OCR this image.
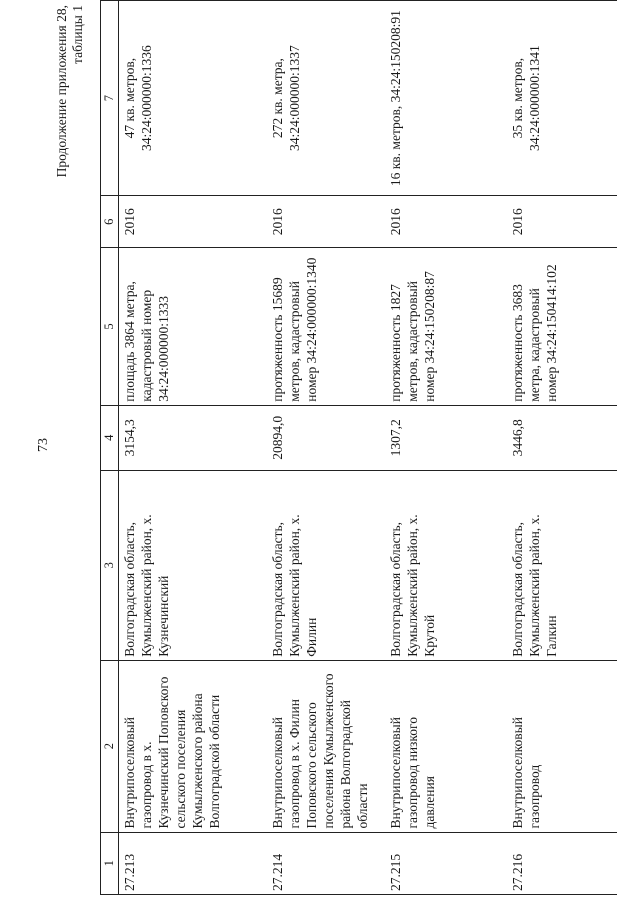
73
Продолжение приложения 28, таблицы 1
1	2	3	4	5	6	7
27.213	Внутрипоселковый газопровод в х. Кузнечинский Поповского сельского поселения Кумылженского района Волгоградской области	Волгоградская область, Кумылженский район, х. Кузнечинский	3154,3	площадь 3864 метра, кадастровый номер 34:24:000000:1333	2016	47 кв. метров, 34:24:000000:1336
27.214	Внутрипоселковый газопровод в х. Филин Поповского сельского поселения Кумылженского района Волгоградской области	Волгоградская область, Кумылженский район, х. Филин	20894,0	протяженность 15689 метров, кадастровый номер 34:24:000000:1340	2016	272 кв. метра, 34:24:000000:1337
27.215	Внутрипоселковый газопровод низкого давления	Волгоградская область, Кумылженский район, х. Крутой	1307,2	протяженность 1827 метров, кадастровый номер 34:24:150208:87	2016	16 кв. метров, 34:24:150208:91
27.216	Внутрипоселковый газопровод	Волгоградская область, Кумылженский район, х. Галкин	3446,8	протяженность 3683 метра, кадастровый номер 34:24:150414:102	2016	35 кв. метров, 34:24:000000:1341
